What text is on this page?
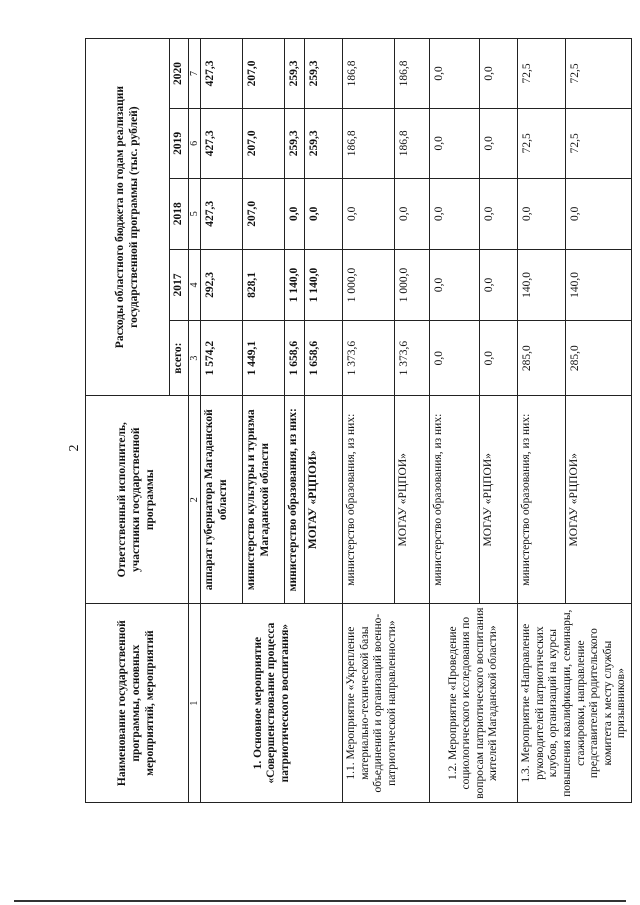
2
Наименование государственной программы, основных мероприятий, мероприятий	Ответственный исполнитель, участники государственной программы	Расходы областного бюджета по годам реализации государственной программы (тыс. рублей)				
		всего:	2017	2018	2019	2020
1	2	3	4	5	6	7
1. Основное мероприятие «Совершенствование процесса патриотического воспитания»	аппарат губернатора Магаданской области	1 574,2	292,3	427,3	427,3	427,3
	министерство культуры и туризма Магаданской области	1 449,1	828,1	207,0	207,0	207,0
	министерство образования, из них:	1 658,6	1 140,0	0,0	259,3	259,3
	МОГАУ «РЦПОИ»	1 658,6	1 140,0	0,0	259,3	259,3
1.1. Мероприятие «Укрепление материально-технической базы объединений и организаций военно-патриотической направленности»	министерство образования, из них:	1 373,6	1 000,0	0,0	186,8	186,8
	МОГАУ «РЦПОИ»	1 373,6	1 000,0	0,0	186,8	186,8
1.2. Мероприятие «Проведение социологического исследования по вопросам патриотического воспитания жителей Магаданской области»	министерство образования, из них:	0,0	0,0	0,0	0,0	0,0
	МОГАУ «РЦПОИ»	0,0	0,0	0,0	0,0	0,0
1.3. Мероприятие «Направление руководителей патриотических клубов, организаций на курсы повышения квалификации, семинары, стажировки, направление представителей родительского комитета к месту службы призывников»	министерство образования, из них:	285,0	140,0	0,0	72,5	72,5
	МОГАУ «РЦПОИ»	285,0	140,0	0,0	72,5	72,5
